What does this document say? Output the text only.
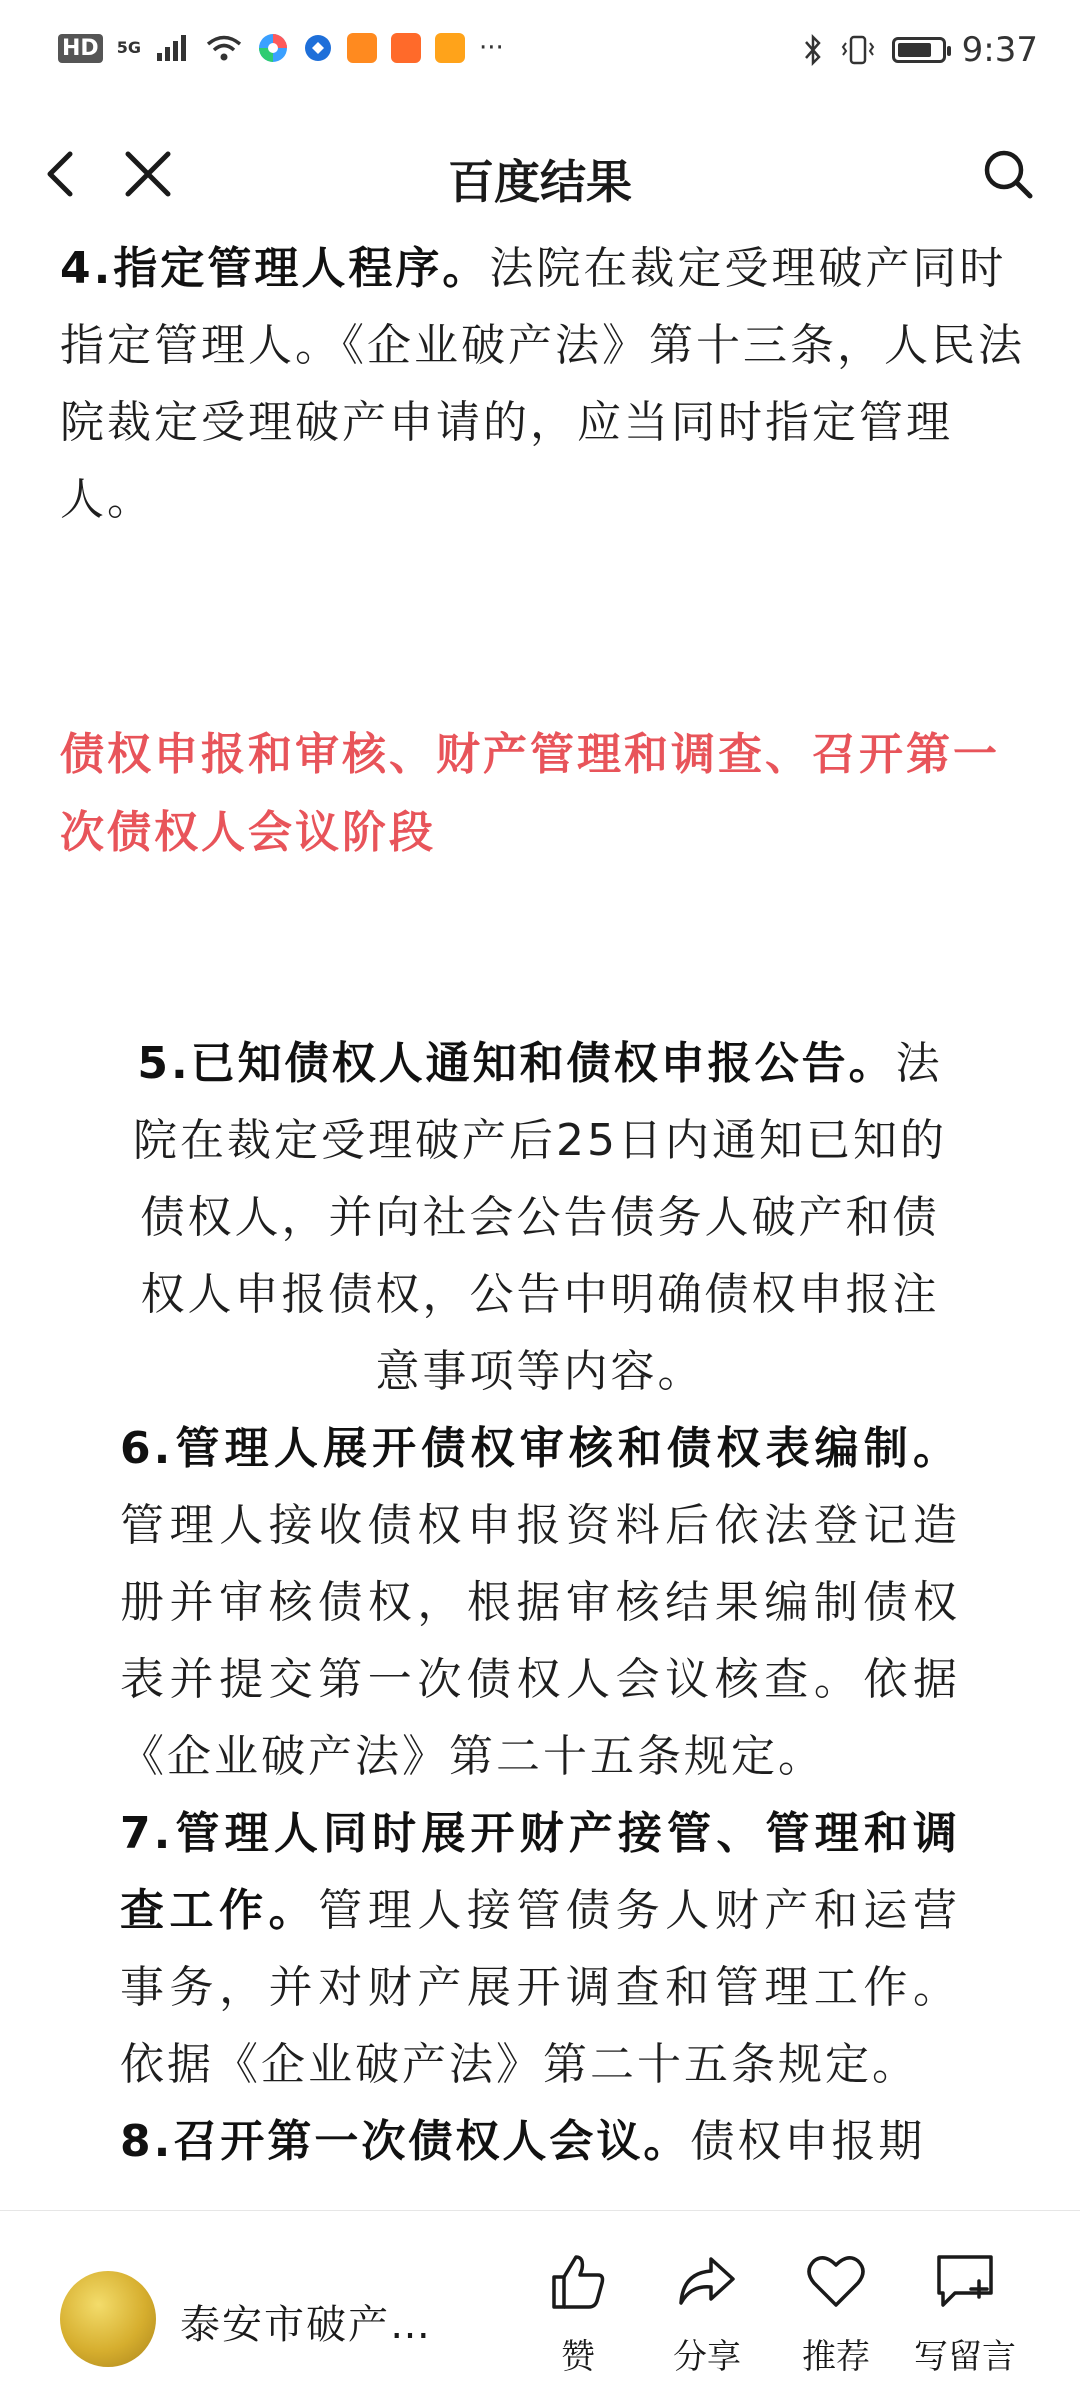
HD 5G	···	9:37
百度结果

4.指定管理人程序。法院在裁定受理破产同时指定管理人。《企业破产法》第十三条，人民法院裁定受理破产申请的，应当同时指定管理人。

债权申报和审核、财产管理和调查、召开第一次债权人会议阶段

5.已知债权人通知和债权申报公告。法院在裁定受理破产后25日内通知已知的债权人，并向社会公告债务人破产和债权人申报债权，公告中明确债权申报注意事项等内容。

6.管理人展开债权审核和债权表编制。管理人接收债权申报资料后依法登记造册并审核债权，根据审核结果编制债权表并提交第一次债权人会议核查。依据《企业破产法》第二十五条规定。

7.管理人同时展开财产接管、管理和调查工作。管理人接管债务人财产和运营事务，并对财产展开调查和管理工作。依据《企业破产法》第二十五条规定。

8.召开第一次债权人会议。债权申报期

泰安市破产…
赞	分享	推荐	写留言
